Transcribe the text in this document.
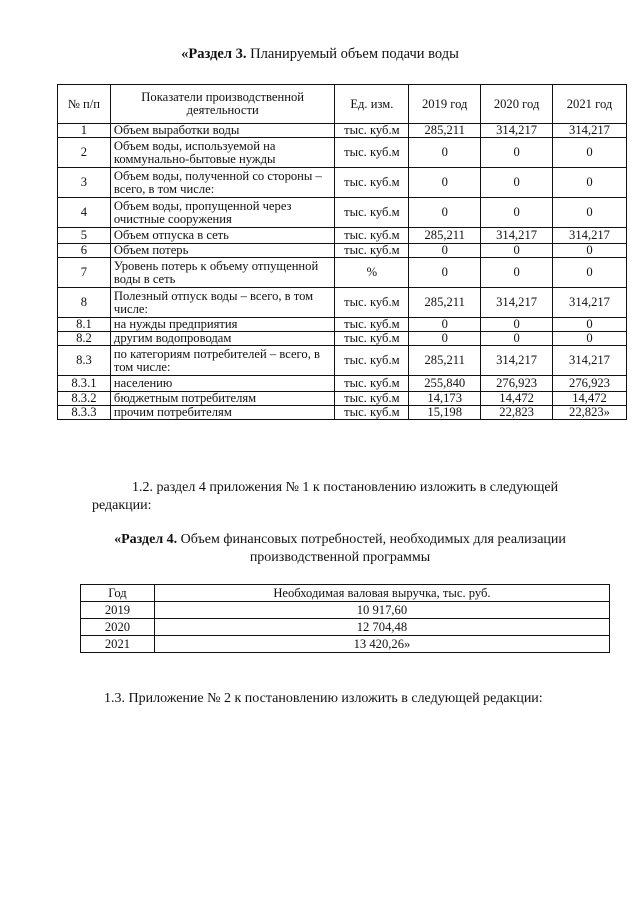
«Раздел 3. Планируемый объем подачи воды
№ п/п	Показатели производственной деятельности	Ед. изм.	2019 год	2020 год	2021 год
1	Объем выработки воды	тыс. куб.м	285,211	314,217	314,217
2	Объем воды, используемой на коммунально-бытовые нужды	тыс. куб.м	0	0	0
3	Объем воды, полученной со стороны – всего, в том числе:	тыс. куб.м	0	0	0
4	Объем воды, пропущенной через очистные сооружения	тыс. куб.м	0	0	0
5	Объем отпуска в сеть	тыс. куб.м	285,211	314,217	314,217
6	Объем потерь	тыс. куб.м	0	0	0
7	Уровень потерь к объему отпущенной воды в сеть	%	0	0	0
8	Полезный отпуск воды – всего, в том числе:	тыс. куб.м	285,211	314,217	314,217
8.1	на нужды предприятия	тыс. куб.м	0	0	0
8.2	другим водопроводам	тыс. куб.м	0	0	0
8.3	по категориям потребителей – всего, в том числе:	тыс. куб.м	285,211	314,217	314,217
8.3.1	населению	тыс. куб.м	255,840	276,923	276,923
8.3.2	бюджетным потребителям	тыс. куб.м	14,173	14,472	14,472
8.3.3	прочим потребителям	тыс. куб.м	15,198	22,823	22,823»
1.2. раздел 4 приложения № 1 к постановлению изложить в следующей редакции:
«Раздел 4. Объем финансовых потребностей, необходимых для реализации производственной программы
Год	Необходимая валовая выручка, тыс. руб.
2019	10 917,60
2020	12 704,48
2021	13 420,26»
1.3. Приложение № 2 к постановлению изложить в следующей редакции:
